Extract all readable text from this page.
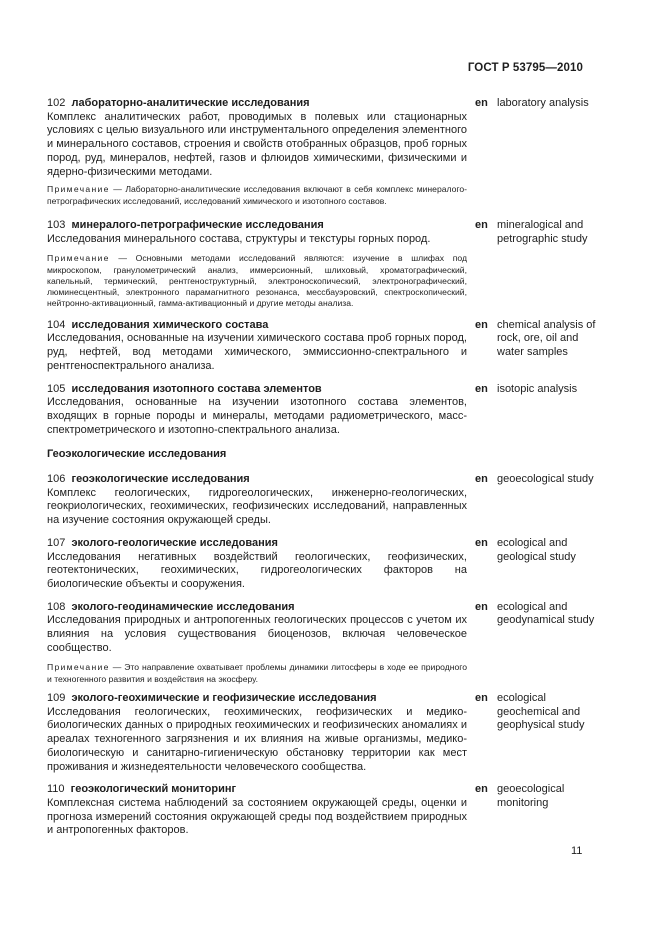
ГОСТ Р 53795—2010
102 лабораторно-аналитические исследования
Комплекс аналитических работ, проводимых в полевых или стационарных условиях с целью визуального или инструментального определения элементного и минерального составов, строения и свойств отобранных образцов, проб горных пород, руд, минералов, нефтей, газов и флюидов химическими, физическими и ядерно-физическими методами.
Примечание — Лабораторно-аналитические исследования включают в себя комплекс минералого-петрографических исследований, исследований химического и изотопного составов.
en laboratory analysis
103 минералого-петрографические исследования
Исследования минерального состава, структуры и текстуры горных пород.
Примечание — Основными методами исследований являются: изучение в шлифах под микроскопом, гранулометрический анализ, иммерсионный, шлиховый, хроматографический, капельный, термический, рентгеноструктурный, электроноскопический, электронографический, люминесцентный, электронного парамагнитного резонанса, мессбауэровский, спектроскопический, нейтронно-активационный, гамма-активационный и другие методы анализа.
en mineralogical and petrographic study
104 исследования химического состава
Исследования, основанные на изучении химического состава проб горных пород, руд, нефтей, вод методами химического, эммиссионно-спектрального и рентгеноспектрального анализа.
en chemical analysis of rock, ore, oil and water samples
105 исследования изотопного состава элементов
Исследования, основанные на изучении изотопного состава элементов, входящих в горные породы и минералы, методами радиометрического, масс-спектрометрического и изотопно-спектрального анализа.
en isotopic analysis
Геоэкологические исследования
106 геоэкологические исследования
Комплекс геологических, гидрогеологических, инженерно-геологических, геокриологических, геохимических, геофизических исследований, направленных на изучение состояния окружающей среды.
en geoecological study
107 эколого-геологические исследования
Исследования негативных воздействий геологических, геофизических, геотектонических, геохимических, гидрогеологических факторов на биологические объекты и сооружения.
en ecological and geological study
108 эколого-геодинамические исследования
Исследования природных и антропогенных геологических процессов с учетом их влияния на условия существования биоценозов, включая человеческое сообщество.
Примечание — Это направление охватывает проблемы динамики литосферы в ходе ее природного и техногенного развития и воздействия на экосферу.
en ecological and geodynamical study
109 эколого-геохимические и геофизические исследования
Исследования геологических, геохимических, геофизических и медико-биологических данных о природных геохимических и геофизических аномалиях и ареалах техногенного загрязнения и их влияния на живые организмы, медико-биологическую и санитарно-гигиеническую обстановку территории как мест проживания и жизнедеятельности человеческого сообщества.
en ecological geochemical and geophysical study
110 геоэкологический мониторинг
Комплексная система наблюдений за состоянием окружающей среды, оценки и прогноза измерений состояния окружающей среды под воздействием природных и антропогенных факторов.
en geoecological monitoring
11
